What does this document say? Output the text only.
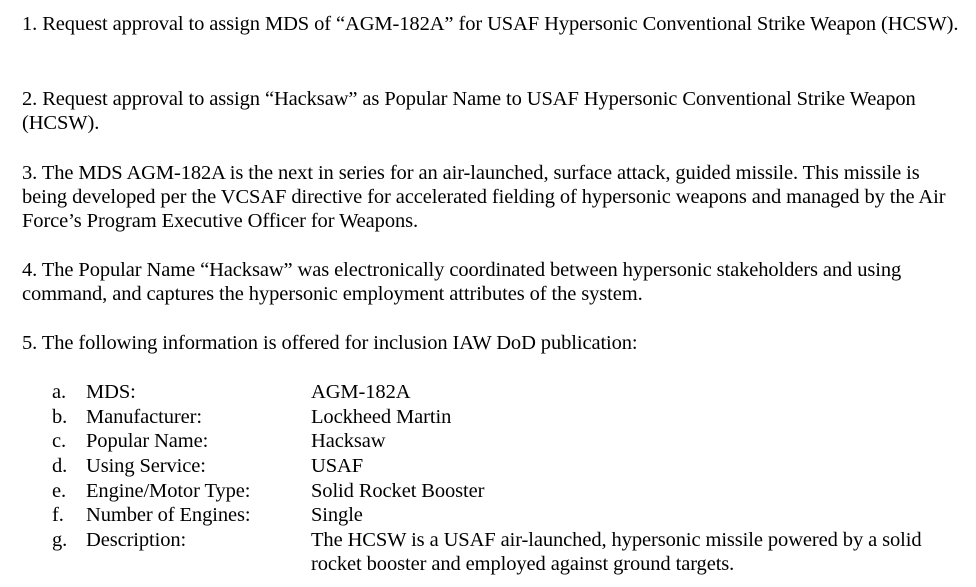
1. Request approval to assign MDS of “AGM-182A” for USAF Hypersonic Conventional Strike Weapon (HCSW).

2. Request approval to assign “Hacksaw” as Popular Name to USAF Hypersonic Conventional Strike Weapon (HCSW).

3. The MDS AGM-182A is the next in series for an air-launched, surface attack, guided missile. This missile is being developed per the VCSAF directive for accelerated fielding of hypersonic weapons and managed by the Air Force’s Program Executive Officer for Weapons.

4. The Popular Name “Hacksaw” was electronically coordinated between hypersonic stakeholders and using command, and captures the hypersonic employment attributes of the system.

5. The following information is offered for inclusion IAW DoD publication:

a. MDS:	AGM-182A
b. Manufacturer:	Lockheed Martin
c. Popular Name:	Hacksaw
d. Using Service:	USAF
e. Engine/Motor Type:	Solid Rocket Booster
f. Number of Engines:	Single
g. Description:	The HCSW is a USAF air-launched, hypersonic missile powered by a solid rocket booster and employed against ground targets.
